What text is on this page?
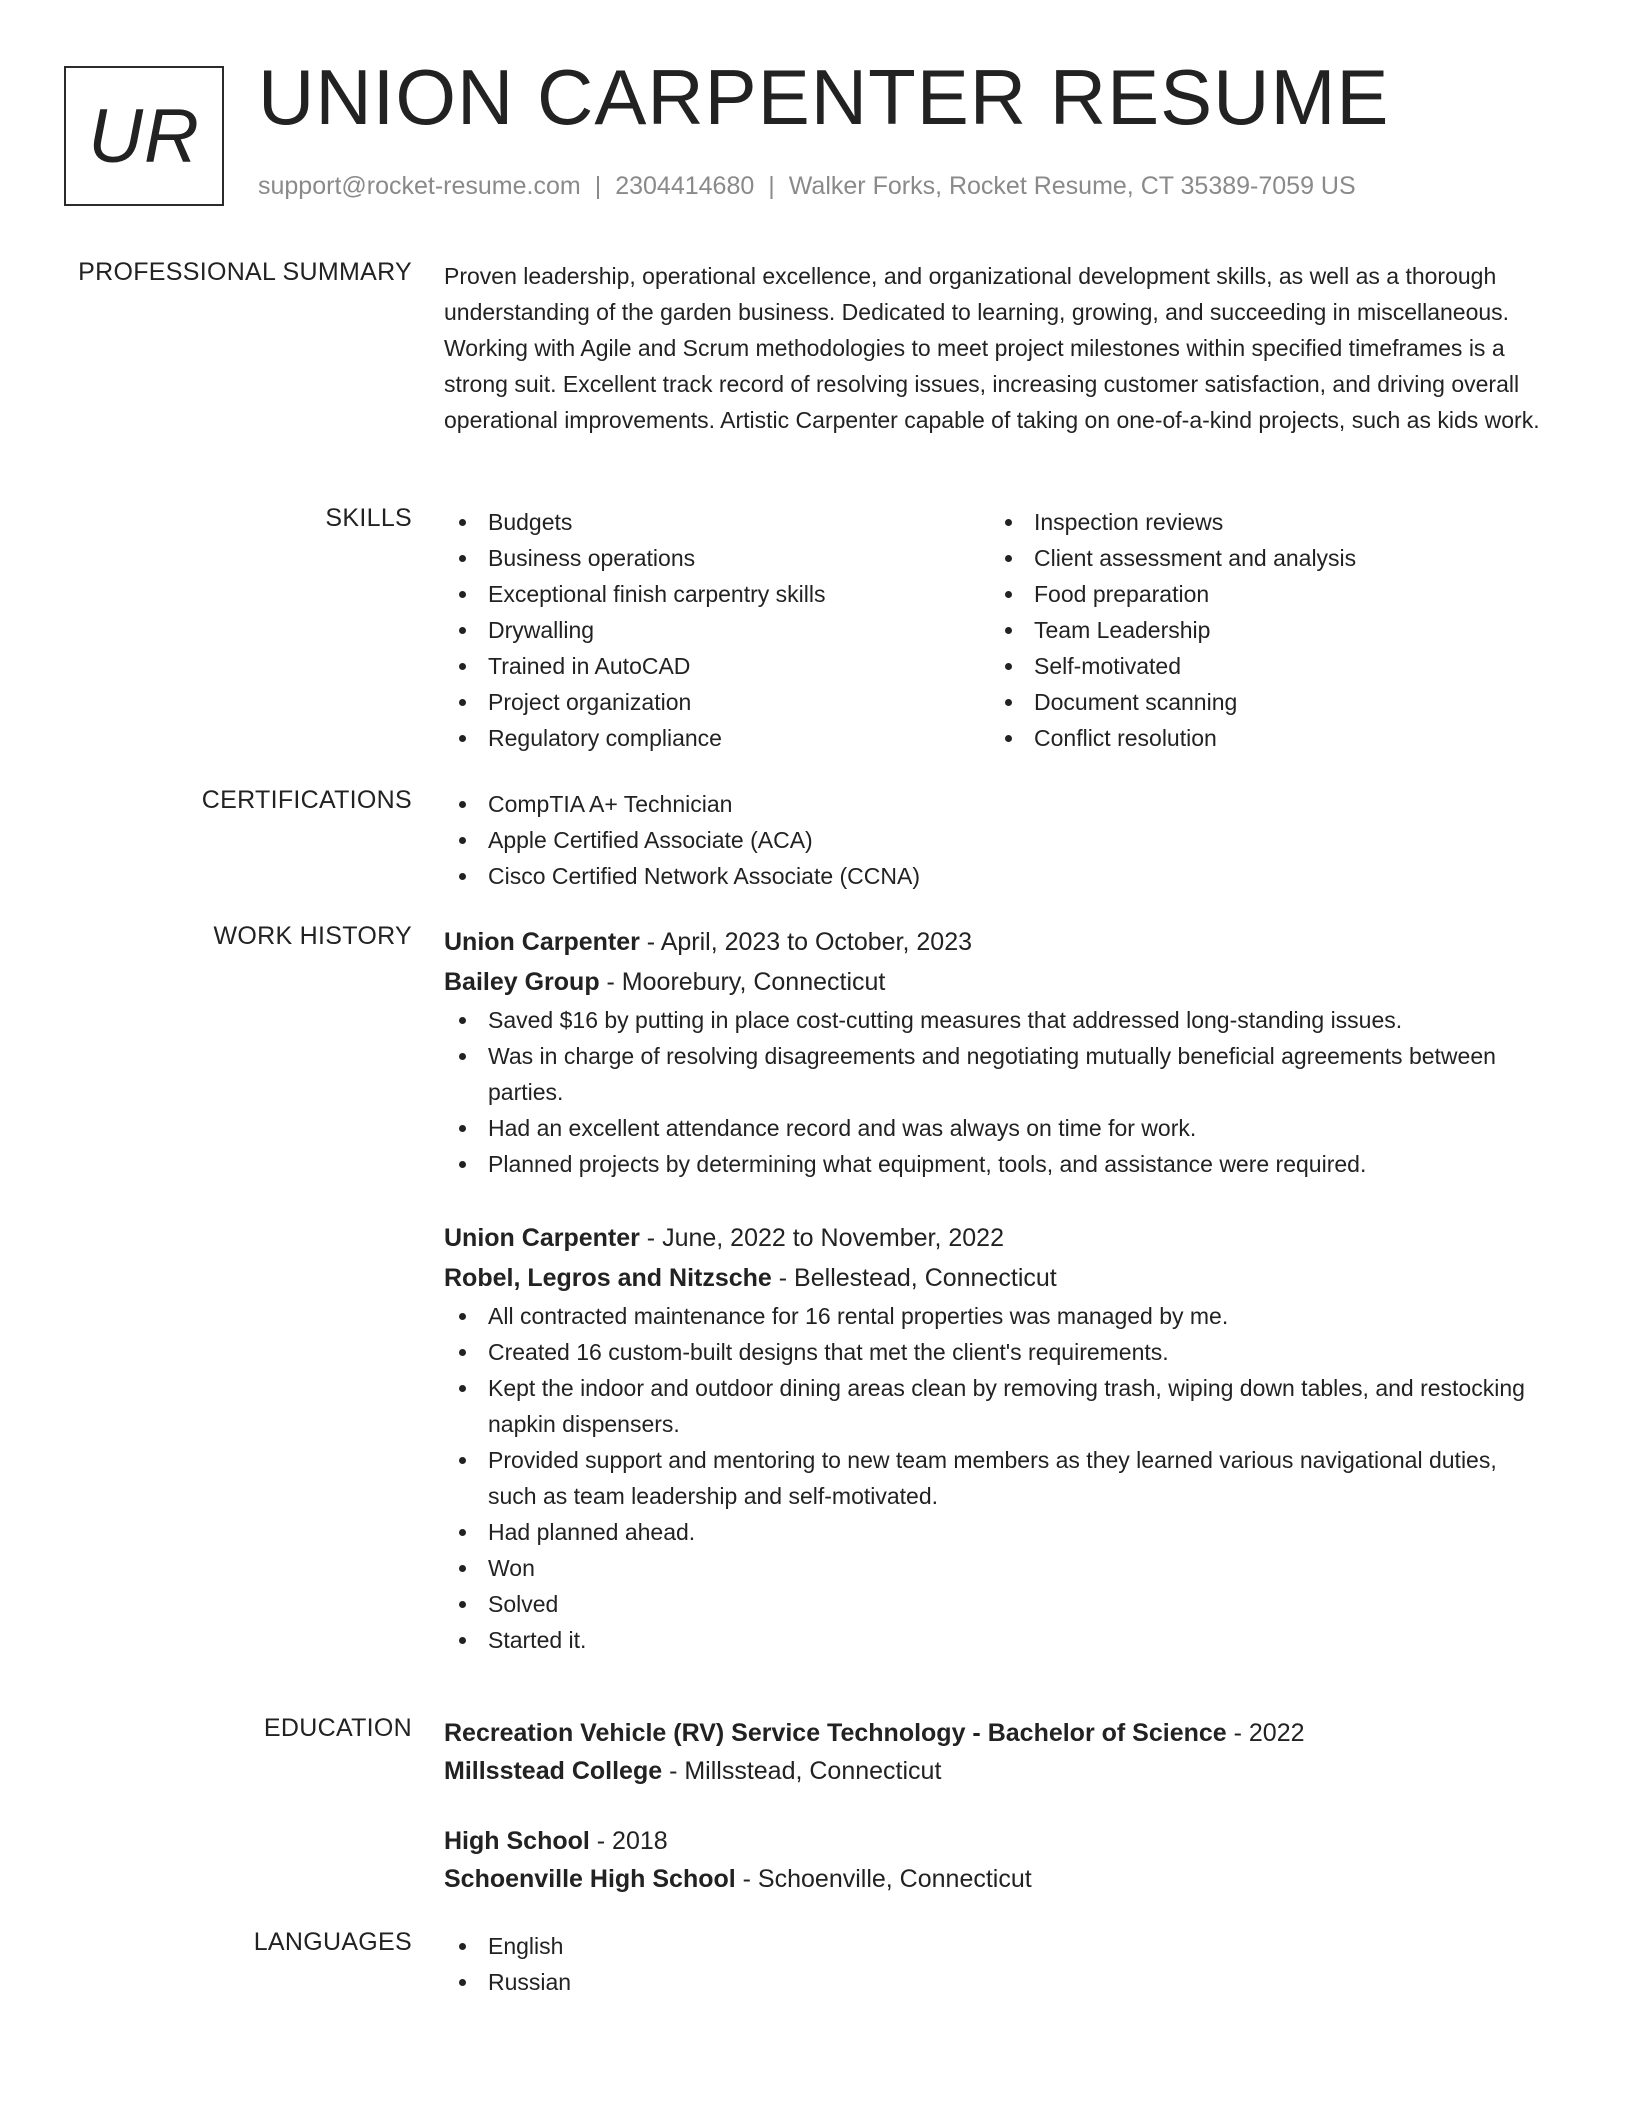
UR UNION CARPENTER RESUME
support@rocket-resume.com | 2304414680 | Walker Forks, Rocket Resume, CT 35389-7059 US
PROFESSIONAL SUMMARY Proven leadership, operational excellence, and organizational development skills, as well as a thorough understanding of the garden business. Dedicated to learning, growing, and succeeding in miscellaneous. Working with Agile and Scrum methodologies to meet project milestones within specified timeframes is a strong suit. Excellent track record of resolving issues, increasing customer satisfaction, and driving overall operational improvements. Artistic Carpenter capable of taking on one-of-a-kind projects, such as kids work.

SKILLS	Budgets
Business operations
Exceptional finish carpentry skills
Drywalling
Trained in AutoCAD
Project organization
Regulatory compliance
Inspection reviews
Client assessment and analysis
Food preparation
Team Leadership
Self-motivated
Document scanning
Conflict resolution
CERTIFICATIONS	CompTIA A+ Technician
Apple Certified Associate (ACA)
Cisco Certified Network Associate (CCNA)
WORK HISTORY Union Carpenter - April, 2023 to October, 2023
Bailey Group - Moorebury, Connecticut
Saved $16 by putting in place cost-cutting measures that addressed long-standing issues.
Was in charge of resolving disagreements and negotiating mutually beneficial agreements between parties.
Had an excellent attendance record and was always on time for work.
Planned projects by determining what equipment, tools, and assistance were required.
Union Carpenter - June, 2022 to November, 2022
Robel, Legros and Nitzsche - Bellestead, Connecticut
All contracted maintenance for 16 rental properties was managed by me.
Created 16 custom-built designs that met the client's requirements.
Kept the indoor and outdoor dining areas clean by removing trash, wiping down tables, and restocking napkin dispensers.
Provided support and mentoring to new team members as they learned various navigational duties, such as team leadership and self-motivated.
Had planned ahead.
Won
Solved
Started it.
EDUCATION Recreation Vehicle (RV) Service Technology - Bachelor of Science - 2022
Millsstead College - Millsstead, Connecticut
High School - 2018
Schoenville High School - Schoenville, Connecticut
LANGUAGES	English
Russian
